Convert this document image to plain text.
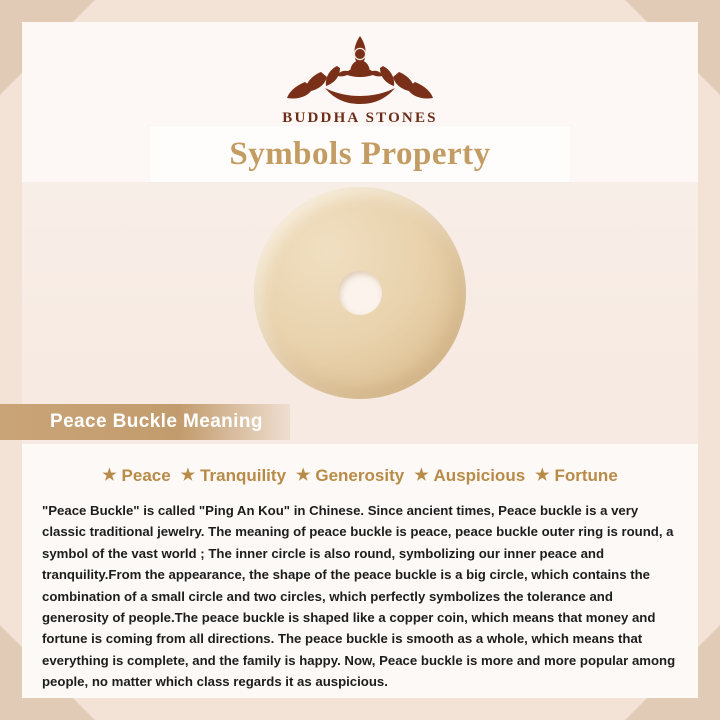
BUDDHA STONES
Symbols Property
Peace Buckle Meaning
★ Peace ★ Tranquility ★ Generosity ★ Auspicious ★ Fortune
"Peace Buckle" is called "Ping An Kou" in Chinese. Since ancient times, Peace buckle is a very classic traditional jewelry. The meaning of peace buckle is peace, peace buckle outer ring is round, a symbol of the vast world ; The inner circle is also round, symbolizing our inner peace and tranquility.From the appearance, the shape of the peace buckle is a big circle, which contains the combination of a small circle and two circles, which perfectly symbolizes the tolerance and generosity of people.The peace buckle is shaped like a copper coin, which means that money and fortune is coming from all directions. The peace buckle is smooth as a whole, which means that everything is complete, and the family is happy. Now, Peace buckle is more and more popular among people, no matter which class regards it as auspicious.
